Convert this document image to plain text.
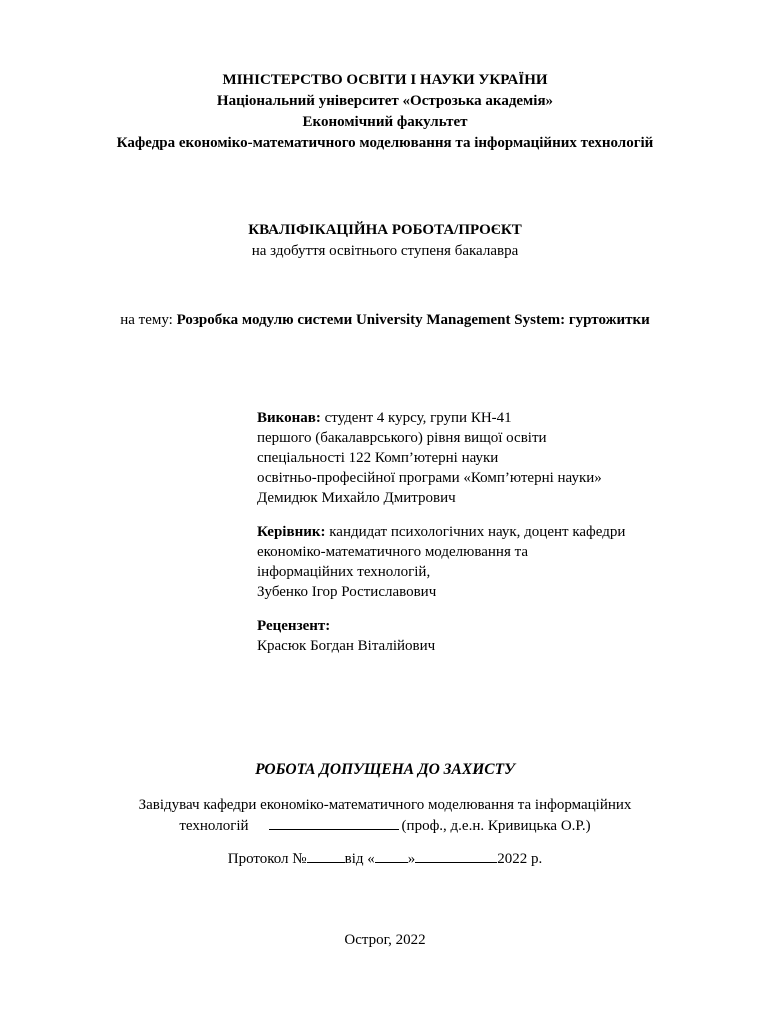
МІНІСТЕРСТВО ОСВІТИ І НАУКИ УКРАЇНИ
Національний університет «Острозька академія»
Економічний факультет
Кафедра економіко-математичного моделювання та інформаційних технологій
КВАЛІФІКАЦІЙНА РОБОТА/ПРОЄКТ
на здобуття освітнього ступеня бакалавра
на тему: Розробка модулю системи University Management System: гуртожитки
Виконав: студент 4 курсу, групи КН-41
першого (бакалаврського) рівня вищої освіти
спеціальності 122 Комп’ютерні науки
освітньо-професійної програми «Комп’ютерні науки»
Демидюк Михайло Дмитрович
Керівник: кандидат психологічних наук, доцент кафедри
економіко-математичного моделювання та
інформаційних технологій,
Зубенко Ігор Ростиславович
Рецензент:
Красюк Богдан Віталійович
РОБОТА ДОПУЩЕНА ДО ЗАХИСТУ
Завідувач кафедри економіко-математичного моделювання та інформаційних
технологій	(проф., д.е.н. Кривицька О.Р.)
Протокол №	від « »	2022 р.
Острог, 2022
